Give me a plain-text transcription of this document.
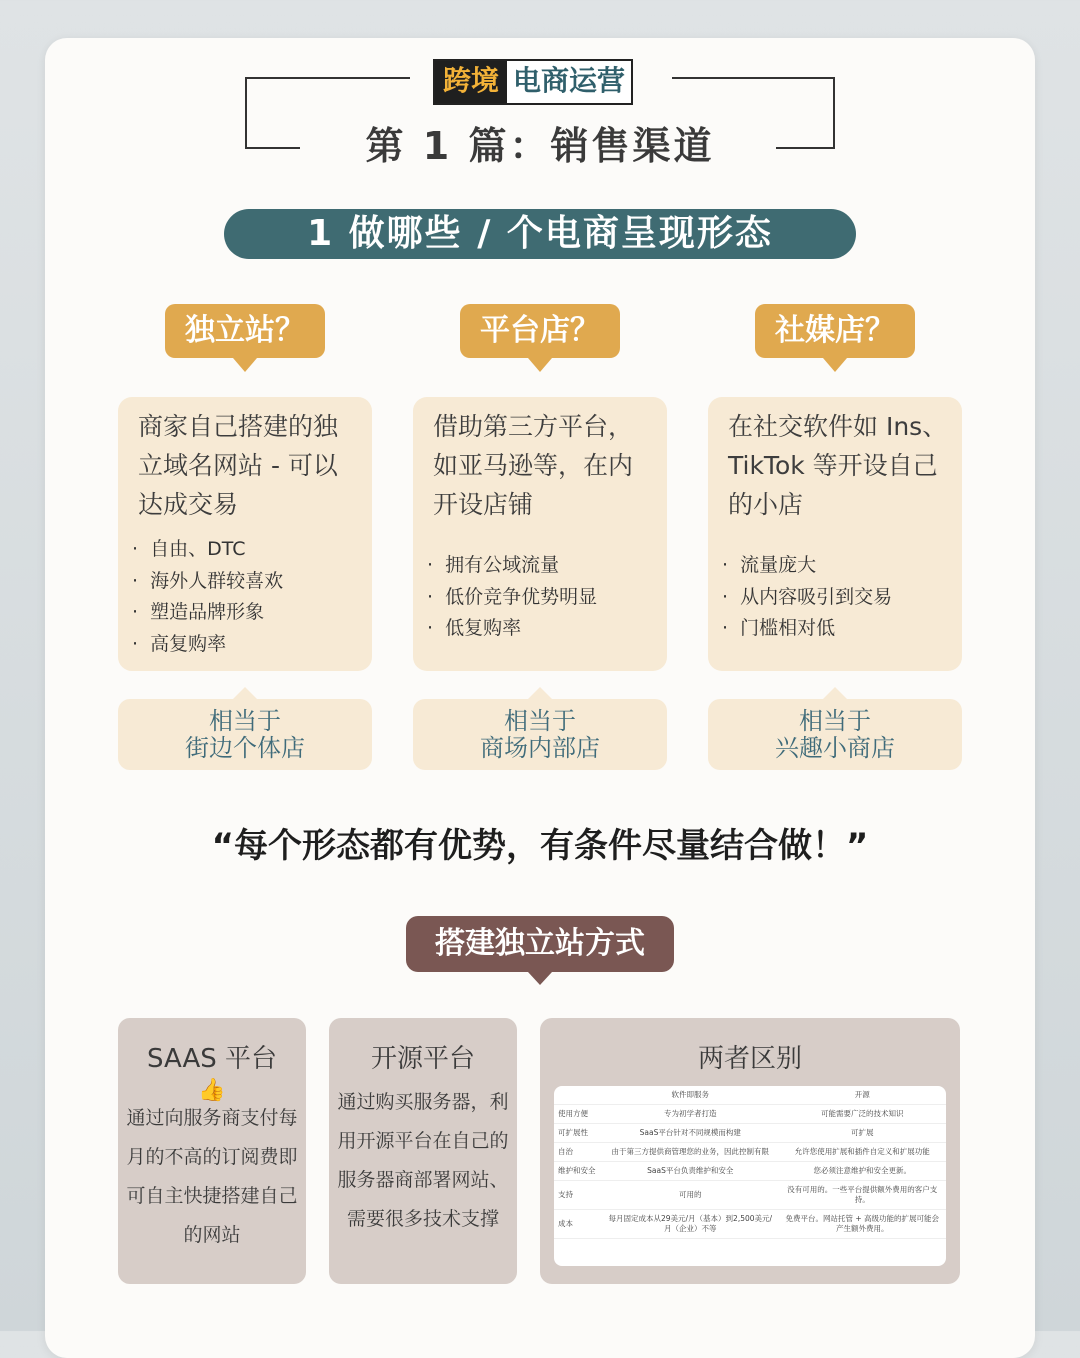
跨境 电商运营
第 1 篇：销售渠道
1 做哪些 / 个电商呈现形态
独立站？
商家自己搭建的独立域名网站 - 可以达成交易
· 自由、DTC
· 海外人群较喜欢
· 塑造品牌形象
· 高复购率
相当于
街边个体店
平台店？
借助第三方平台，如亚马逊等，在内开设店铺
· 拥有公域流量
· 低价竞争优势明显
· 低复购率
相当于
商场内部店
社媒店？
在社交软件如 Ins、TikTok 等开设自己的小店
· 流量庞大
· 从内容吸引到交易
· 门槛相对低
相当于
兴趣小商店
“每个形态都有优势，有条件尽量结合做！”
搭建独立站方式
SAAS 平台
👍
通过向服务商支付每月的不高的订阅费即可自主快捷搭建自己的网站
开源平台
通过购买服务器，利用开源平台在自己的服务器商部署网站、需要很多技术支撑
两者区别
	软件即服务	开源
使用方便	专为初学者打造	可能需要广泛的技术知识
可扩展性	SaaS平台针对不同规模而构建	可扩展
自治	由于第三方提供商管理您的业务，因此控制有限	允许您使用扩展和插件自定义和扩展功能
维护和安全	SaaS平台负责维护和安全	您必须注意维护和安全更新。
支持	可用的	没有可用的。一些平台提供额外费用的客户支持。
成本	每月固定成本从29美元/月（基本）到2,500美元/月（企业）不等	免费平台。网站托管 + 高级功能的扩展可能会产生额外费用。
